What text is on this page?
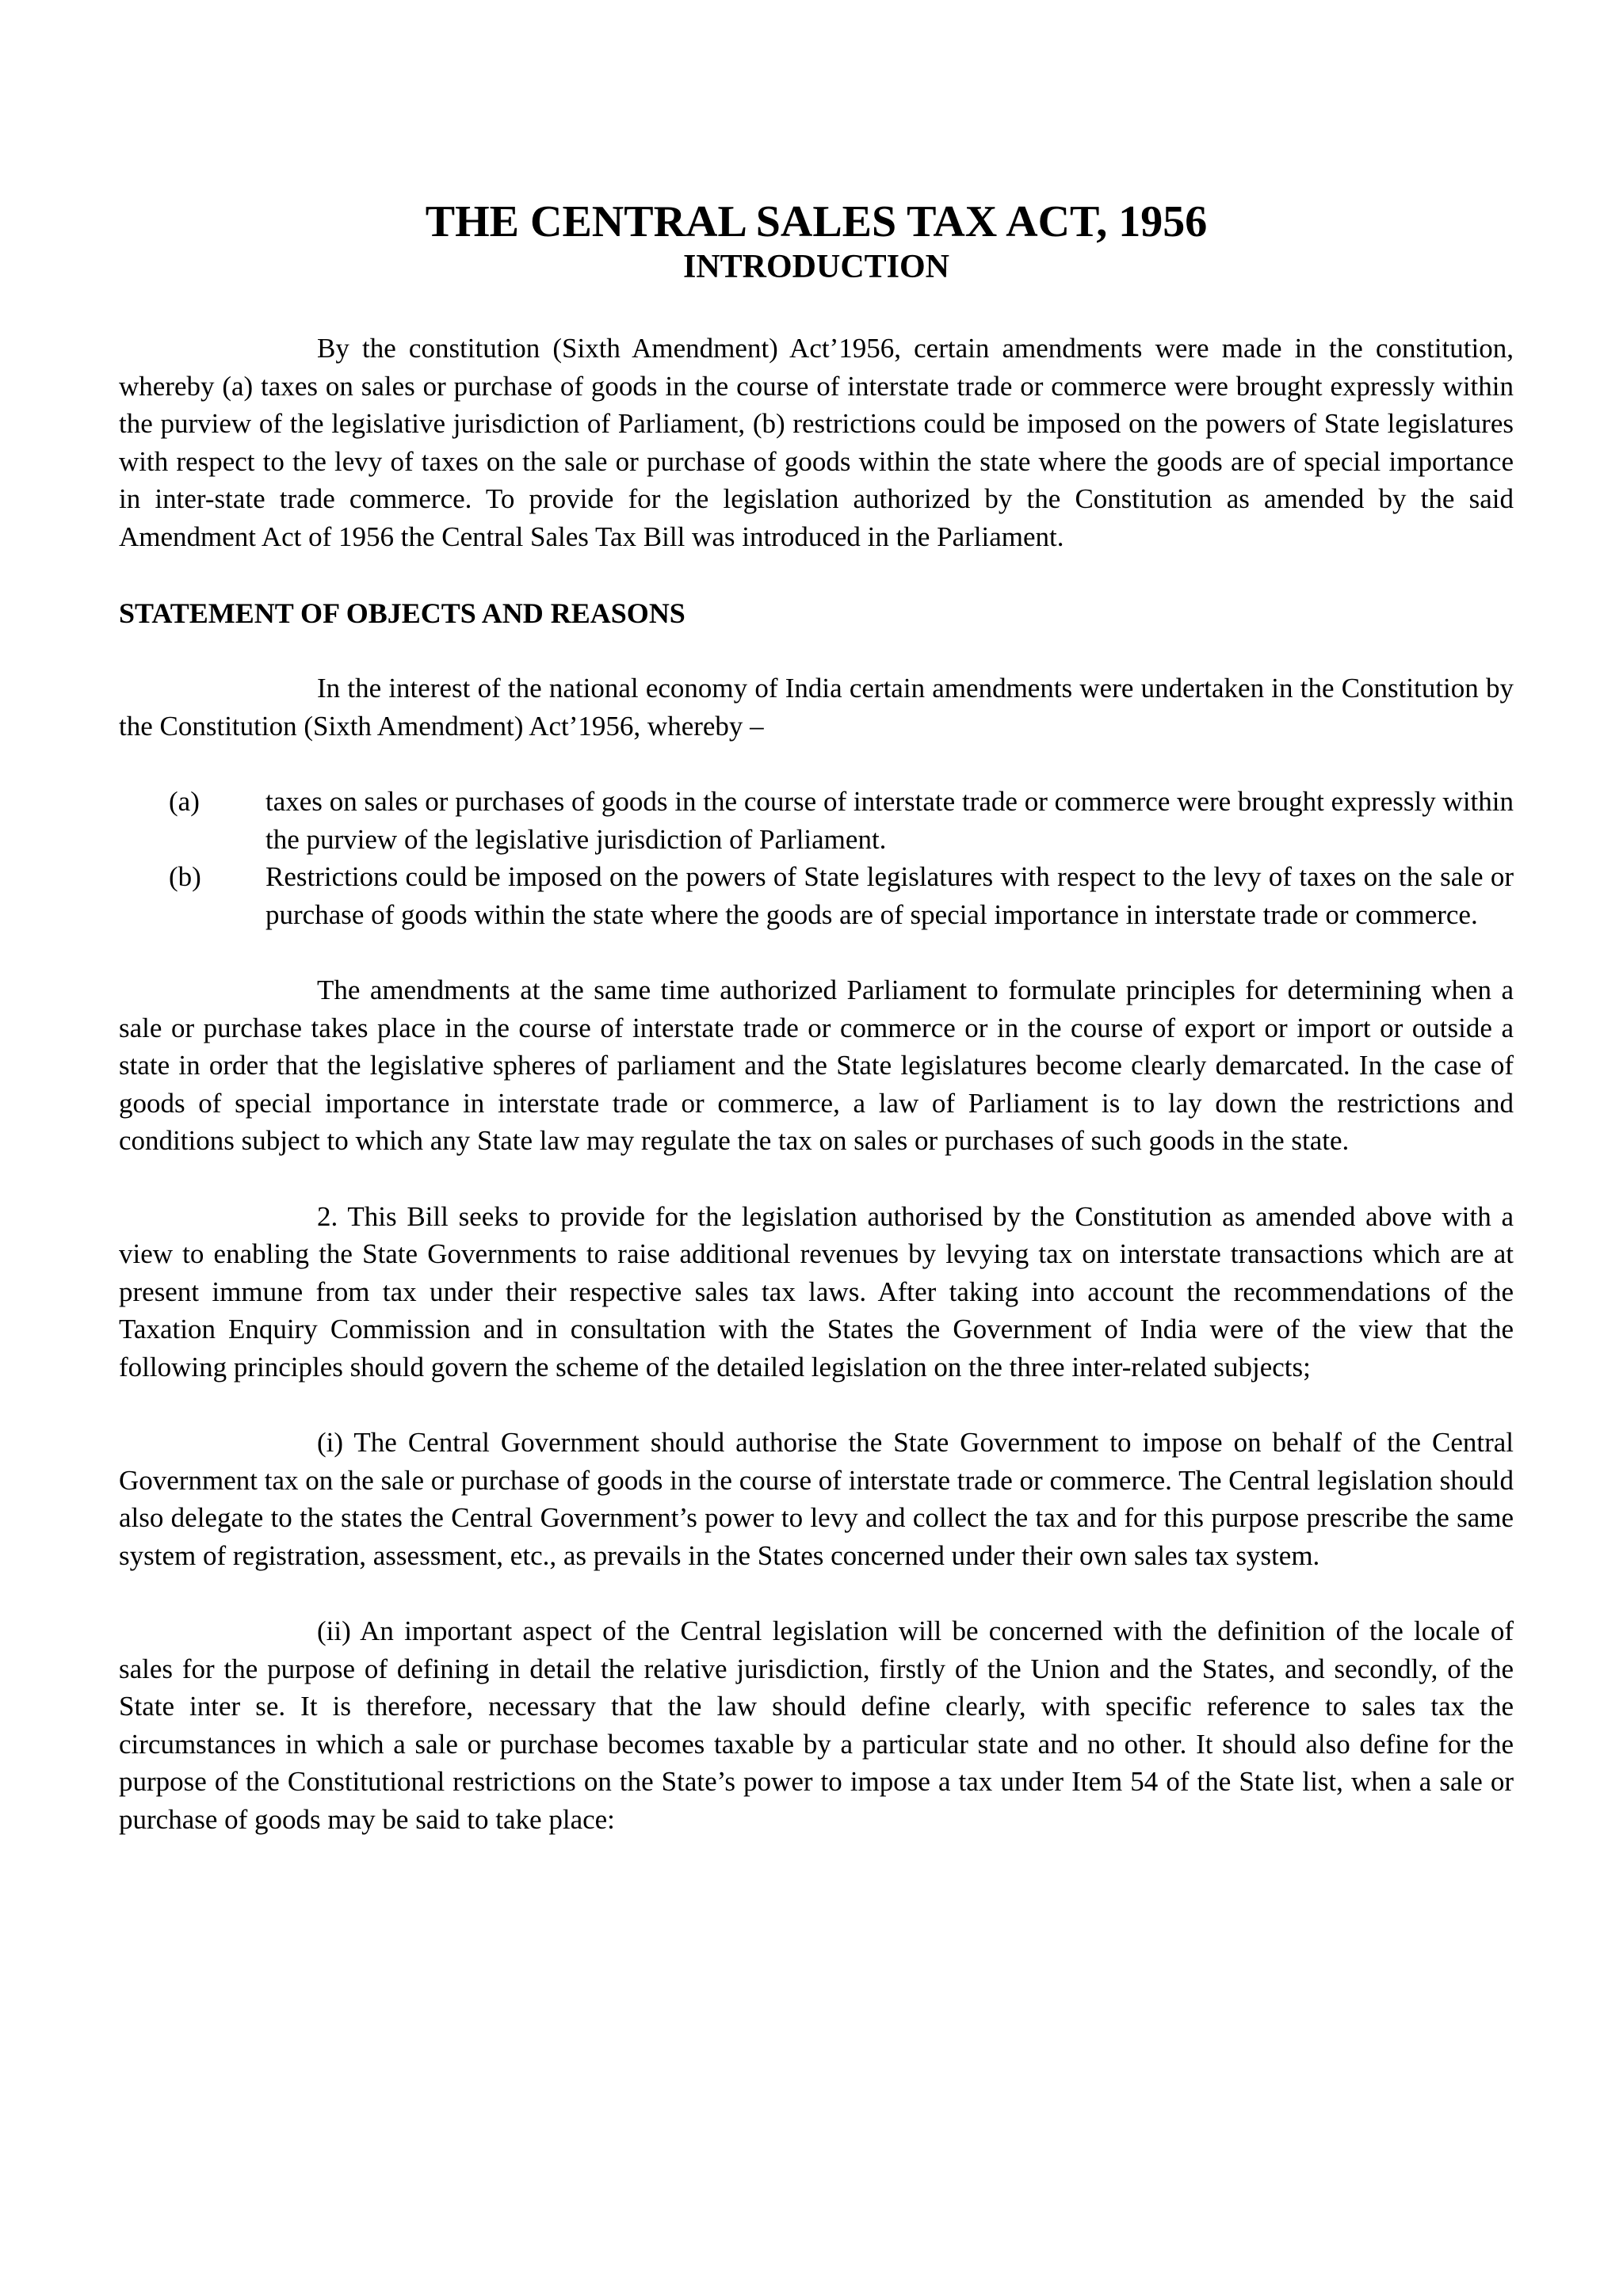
THE CENTRAL SALES TAX ACT, 1956
INTRODUCTION

By the constitution (Sixth Amendment) Act’1956, certain amendments were made in the constitution, whereby (a) taxes on sales or purchase of goods in the course of interstate trade or commerce were brought expressly within the purview of the legislative jurisdiction of Parliament, (b) restrictions could be imposed on the powers of State legislatures with respect to the levy of taxes on the sale or purchase of goods within the state where the goods are of special importance in inter-state trade commerce. To provide for the legislation authorized by the Constitution as amended by the said Amendment Act of 1956 the Central Sales Tax Bill was introduced in the Parliament.

STATEMENT OF OBJECTS AND REASONS

In the interest of the national economy of India certain amendments were undertaken in the Constitution by the Constitution (Sixth Amendment) Act’1956, whereby –

(a)	taxes on sales or purchases of goods in the course of interstate trade or commerce were brought expressly within the purview of the legislative jurisdiction of Parliament.
(b)	Restrictions could be imposed on the powers of State legislatures with respect to the levy of taxes on the sale or purchase of goods within the state where the goods are of special importance in interstate trade or commerce.

The amendments at the same time authorized Parliament to formulate principles for determining when a sale or purchase takes place in the course of interstate trade or commerce or in the course of export or import or outside a state in order that the legislative spheres of parliament and the State legislatures become clearly demarcated. In the case of goods of special importance in interstate trade or commerce, a law of Parliament is to lay down the restrictions and conditions subject to which any State law may regulate the tax on sales or purchases of such goods in the state.

2. This Bill seeks to provide for the legislation authorised by the Constitution as amended above with a view to enabling the State Governments to raise additional revenues by levying tax on interstate transactions which are at present immune from tax under their respective sales tax laws. After taking into account the recommendations of the Taxation Enquiry Commission and in consultation with the States the Government of India were of the view that the following principles should govern the scheme of the detailed legislation on the three inter-related subjects;

(i) The Central Government should authorise the State Government to impose on behalf of the Central Government tax on the sale or purchase of goods in the course of interstate trade or commerce. The Central legislation should also delegate to the states the Central Government’s power to levy and collect the tax and for this purpose prescribe the same system of registration, assessment, etc., as prevails in the States concerned under their own sales tax system.

(ii) An important aspect of the Central legislation will be concerned with the definition of the locale of sales for the purpose of defining in detail the relative jurisdiction, firstly of the Union and the States, and secondly, of the State inter se. It is therefore, necessary that the law should define clearly, with specific reference to sales tax the circumstances in which a sale or purchase becomes taxable by a particular state and no other. It should also define for the purpose of the Constitutional restrictions on the State’s power to impose a tax under Item 54 of the State list, when a sale or purchase of goods may be said to take place:
